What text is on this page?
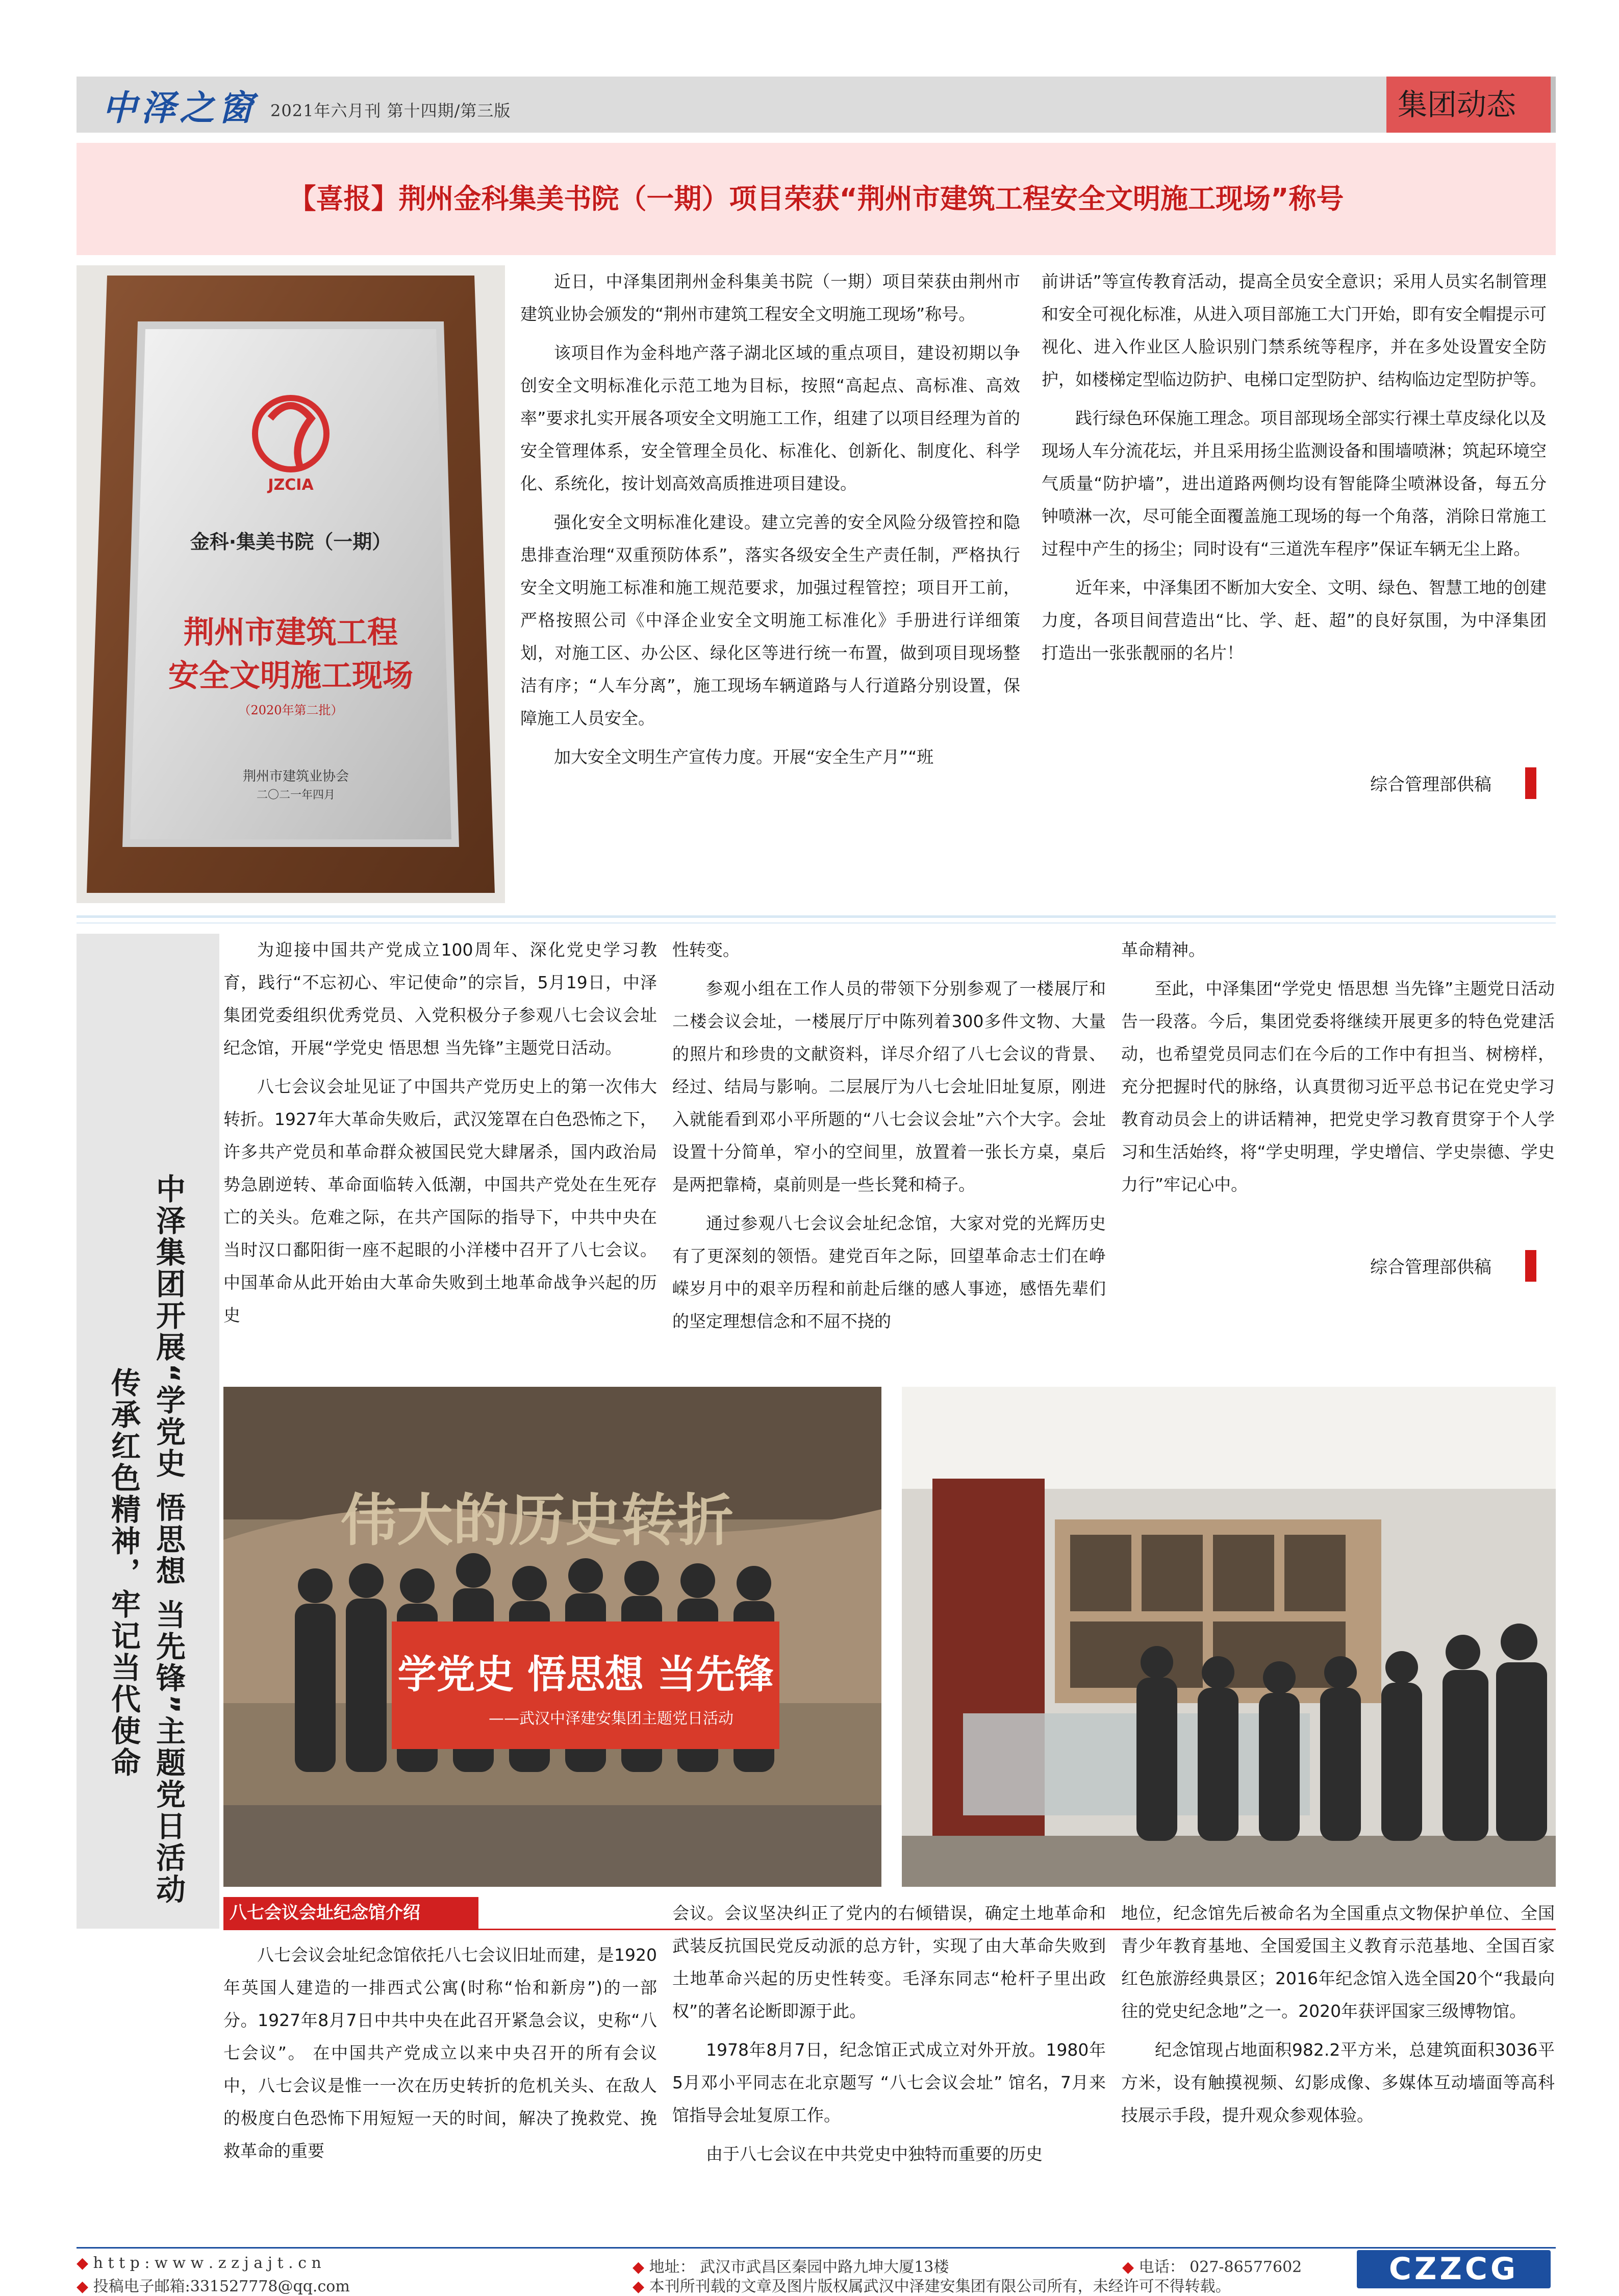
中泽之窗 2021年六月刊 第十四期/第三版	集团动态
【喜报】荆州金科集美书院（一期）项目荣获“荆州市建筑工程安全文明施工现场”称号
JZCIA
金科·集美书院（一期）
荆州市建筑工程
安全文明施工现场
（2020年第二批）
荆州市建筑业协会
二〇二一年四月

近日，中泽集团荆州金科集美书院（一期）项目荣获由荆州市建筑业协会颁发的“荆州市建筑工程安全文明施工现场”称号。

该项目作为金科地产落子湖北区域的重点项目，建设初期以争创安全文明标准化示范工地为目标，按照“高起点、高标准、高效率”要求扎实开展各项安全文明施工工作，组建了以项目经理为首的安全管理体系，安全管理全员化、标准化、创新化、制度化、科学化、系统化，按计划高效高质推进项目建设。

强化安全文明标准化建设。建立完善的安全风险分级管控和隐患排查治理“双重预防体系”，落实各级安全生产责任制，严格执行安全文明施工标准和施工规范要求，加强过程管控；项目开工前，严格按照公司《中泽企业安全文明施工标准化》手册进行详细策划，对施工区、办公区、绿化区等进行统一布置，做到项目现场整洁有序；“人车分离”，施工现场车辆道路与人行道路分别设置，保障施工人员安全。

加大安全文明生产宣传力度。开展“安全生产月”“班

前讲话”等宣传教育活动，提高全员安全意识；采用人员实名制管理和安全可视化标准，从进入项目部施工大门开始，即有安全帽提示可视化、进入作业区人脸识别门禁系统等程序，并在多处设置安全防护，如楼梯定型临边防护、电梯口定型防护、结构临边定型防护等。

践行绿色环保施工理念。项目部现场全部实行裸土草皮绿化以及现场人车分流花坛，并且采用扬尘监测设备和围墙喷淋；筑起环境空气质量“防护墙”，进出道路两侧均设有智能降尘喷淋设备，每五分钟喷淋一次，尽可能全面覆盖施工现场的每一个角落，消除日常施工过程中产生的扬尘；同时设有“三道洗车程序”保证车辆无尘上路。

近年来，中泽集团不断加大安全、文明、绿色、智慧工地的创建力度，各项目间营造出“比、学、赶、超”的良好氛围，为中泽集团打造出一张张靓丽的名片！

综合管理部供稿
中泽集团开展“学党史 悟思想 当先锋”主题党日活动
传承红色精神，牢记当代使命

为迎接中国共产党成立100周年、深化党史学习教育，践行“不忘初心、牢记使命”的宗旨，5月19日，中泽集团党委组织优秀党员、入党积极分子参观八七会议会址纪念馆，开展“学党史 悟思想 当先锋”主题党日活动。

八七会议会址见证了中国共产党历史上的第一次伟大转折。1927年大革命失败后，武汉笼罩在白色恐怖之下，许多共产党员和革命群众被国民党大肆屠杀，国内政治局势急剧逆转、革命面临转入低潮，中国共产党处在生死存亡的关头。危难之际，在共产国际的指导下，中共中央在当时汉口鄱阳街一座不起眼的小洋楼中召开了八七会议。中国革命从此开始由大革命失败到土地革命战争兴起的历史

性转变。

参观小组在工作人员的带领下分别参观了一楼展厅和二楼会议会址，一楼展厅厅中陈列着300多件文物、大量的照片和珍贵的文献资料，详尽介绍了八七会议的背景、经过、结局与影响。二层展厅为八七会址旧址复原，刚进入就能看到邓小平所题的“八七会议会址”六个大字。会址设置十分简单，窄小的空间里，放置着一张长方桌，桌后是两把靠椅，桌前则是一些长凳和椅子。

通过参观八七会议会址纪念馆，大家对党的光辉历史有了更深刻的领悟。建党百年之际，回望革命志士们在峥嵘岁月中的艰辛历程和前赴后继的感人事迹，感悟先辈们的坚定理想信念和不屈不挠的

革命精神。

至此，中泽集团“学党史 悟思想 当先锋”主题党日活动告一段落。今后，集团党委将继续开展更多的特色党建活动，也希望党员同志们在今后的工作中有担当、树榜样，充分把握时代的脉络，认真贯彻习近平总书记在党史学习教育动员会上的讲话精神，把党史学习教育贯穿于个人学习和生活始终，将“学史明理，学史增信、学史崇德、学史力行”牢记心中。

综合管理部供稿
伟大的历史转折
学党史 悟思想 当先锋
——武汉中泽建安集团主题党日活动
八七会议会址纪念馆介绍

八七会议会址纪念馆依托八七会议旧址而建，是1920年英国人建造的一排西式公寓(时称“怡和新房”)的一部分。1927年8月7日中共中央在此召开紧急会议，史称“八七会议”。 在中国共产党成立以来中央召开的所有会议中，八七会议是惟一一次在历史转折的危机关头、在敌人的极度白色恐怖下用短短一天的时间，解决了挽救党、挽救革命的重要

会议。会议坚决纠正了党内的右倾错误，确定土地革命和武装反抗国民党反动派的总方针，实现了由大革命失败到土地革命兴起的历史性转变。毛泽东同志“枪杆子里出政权”的著名论断即源于此。

1978年8月7日，纪念馆正式成立对外开放。1980年5月邓小平同志在北京题写 “八七会议会址” 馆名，7月来馆指导会址复原工作。

由于八七会议在中共党史中独特而重要的历史

地位，纪念馆先后被命名为全国重点文物保护单位、全国青少年教育基地、全国爱国主义教育示范基地、全国百家红色旅游经典景区；2016年纪念馆入选全国20个“我最向往的党史纪念地”之一。2020年获评国家三级博物馆。

纪念馆现占地面积982.2平方米，总建筑面积3036平方米，设有触摸视频、幻影成像、多媒体互动墙面等高科技展示手段，提升观众参观体验。

◆ h t t p : w w w . z z j a j t . c n
◆ 投稿电子邮箱:331527778@qq.com
◆ 地址： 武汉市武昌区秦园中路九坤大厦13楼	◆ 电话： 027-86577602
◆ 本刊所刊载的文章及图片版权属武汉中泽建安集团有限公司所有，未经许可不得转载。	CZZCG
